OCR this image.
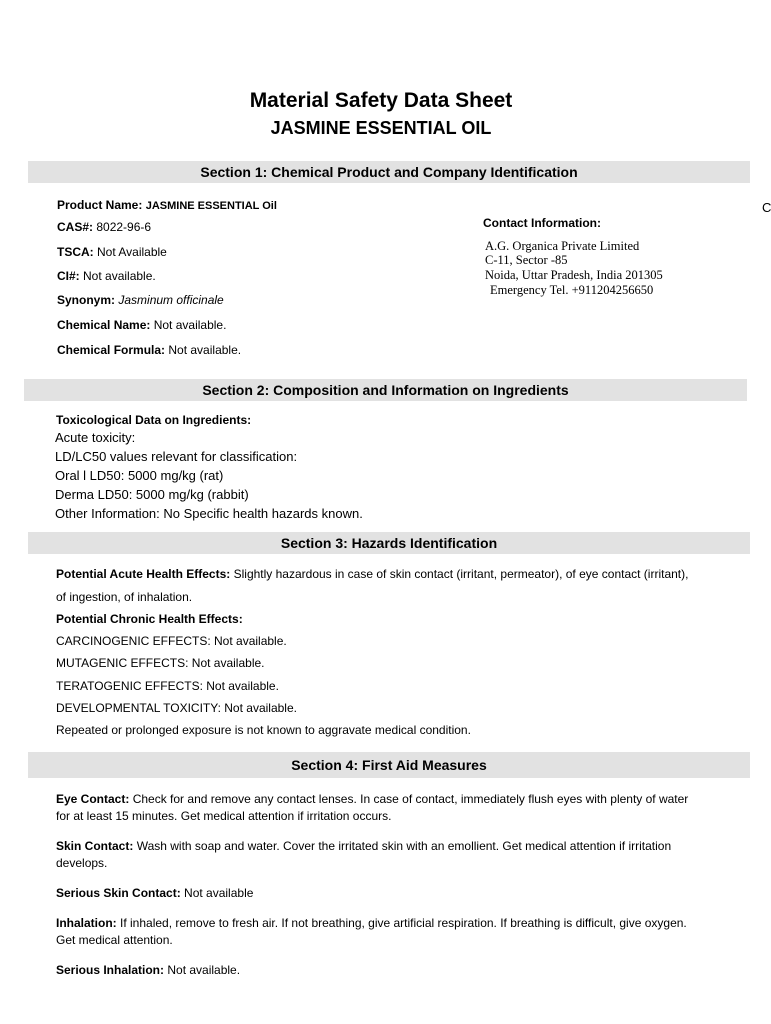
Material Safety Data Sheet
JASMINE ESSENTIAL OIL
C
Section 1: Chemical Product and Company Identification
Product Name: JASMINE ESSENTIAL Oil
CAS#: 8022-96-6
TSCA: Not Available
CI#: Not available.
Synonym: Jasminum officinale
Chemical Name: Not available.
Chemical Formula: Not available.
Contact Information:
A.G. Organica Private Limited
C-11, Sector -85
Noida, Uttar Pradesh, India 201305
Emergency Tel. +911204256650
Section 2: Composition and Information on Ingredients
Toxicological Data on Ingredients:
Acute toxicity:
LD/LC50 values relevant for classification:
Oral l LD50: 5000 mg/kg (rat)
Derma LD50: 5000 mg/kg (rabbit)
Other Information: No Specific health hazards known.
Section 3: Hazards Identification
Potential Acute Health Effects: Slightly hazardous in case of skin contact (irritant, permeator), of eye contact (irritant),
of ingestion, of inhalation.
Potential Chronic Health Effects:
CARCINOGENIC EFFECTS: Not available.
MUTAGENIC EFFECTS: Not available.
TERATOGENIC EFFECTS: Not available.
DEVELOPMENTAL TOXICITY: Not available.
Repeated or prolonged exposure is not known to aggravate medical condition.
Section 4: First Aid Measures
Eye Contact: Check for and remove any contact lenses. In case of contact, immediately flush eyes with plenty of water
for at least 15 minutes. Get medical attention if irritation occurs.
Skin Contact: Wash with soap and water. Cover the irritated skin with an emollient. Get medical attention if irritation
develops.
Serious Skin Contact: Not available
Inhalation: If inhaled, remove to fresh air. If not breathing, give artificial respiration. If breathing is difficult, give oxygen.
Get medical attention.
Serious Inhalation: Not available.
